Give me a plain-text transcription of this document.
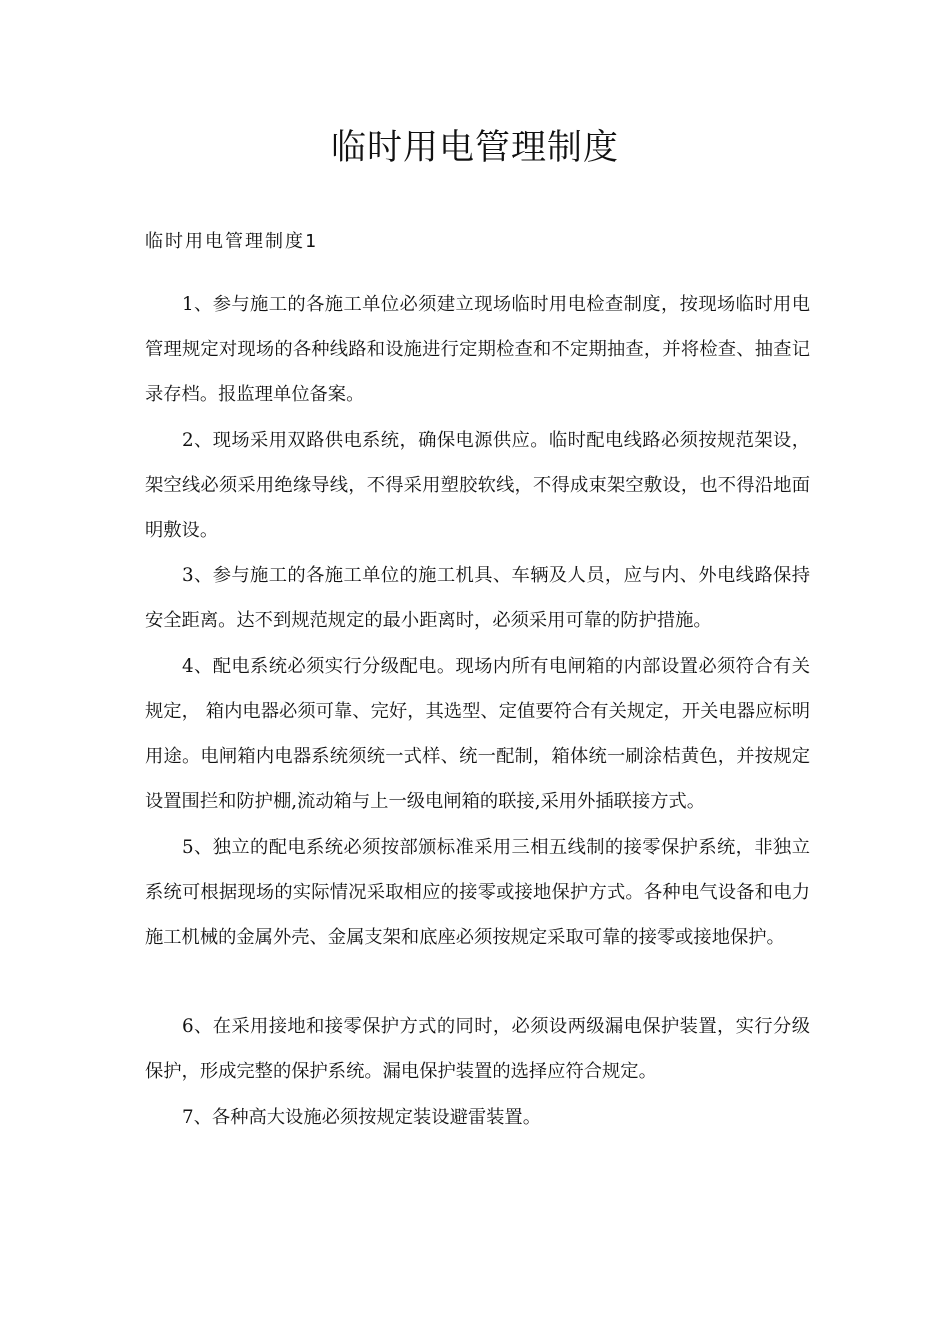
临时用电管理制度
临时用电管理制度1

1、参与施工的各施工单位必须建立现场临时用电检查制度，按现场临时用电管理规定对现场的各种线路和设施进行定期检查和不定期抽查，并将检查、抽查记录存档。报监理单位备案。

2、现场采用双路供电系统，确保电源供应。临时配电线路必须按规范架设，架空线必须采用绝缘导线，不得采用塑胶软线，不得成束架空敷设，也不得沿地面明敷设。

3、参与施工的各施工单位的施工机具、车辆及人员，应与内、外电线路保持安全距离。达不到规范规定的最小距离时，必须采用可靠的防护措施。

4、配电系统必须实行分级配电。现场内所有电闸箱的内部设置必须符合有关规定， 箱内电器必须可靠、完好，其选型、定值要符合有关规定，开关电器应标明用途。电闸箱内电器系统须统一式样、统一配制，箱体统一刷涂桔黄色，并按规定设置围拦和防护棚,流动箱与上一级电闸箱的联接,采用外插联接方式。

5、独立的配电系统必须按部颁标准采用三相五线制的接零保护系统，非独立系统可根据现场的实际情况采取相应的接零或接地保护方式。各种电气设备和电力施工机械的金属外壳、金属支架和底座必须按规定采取可靠的接零或接地保护。

6、在采用接地和接零保护方式的同时，必须设两级漏电保护装置，实行分级保护，形成完整的保护系统。漏电保护装置的选择应符合规定。

7、各种高大设施必须按规定装设避雷装置。
